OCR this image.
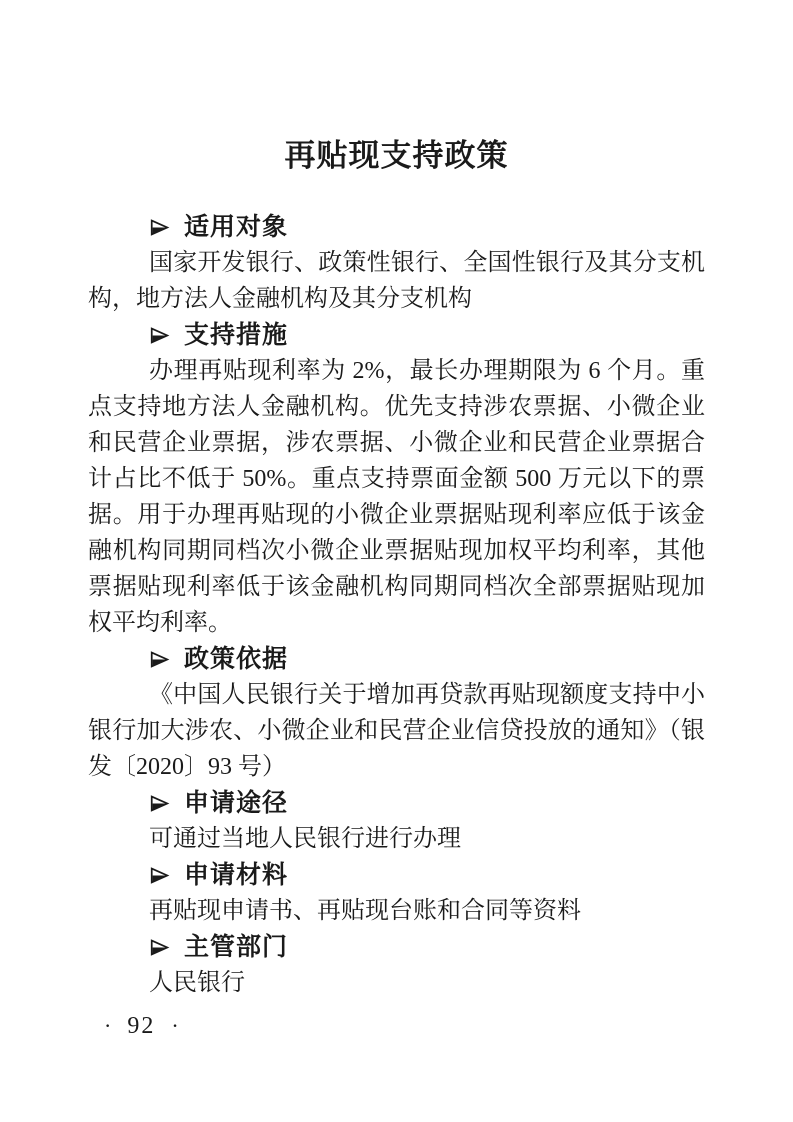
再贴现支持政策
适用对象

国家开发银行、政策性银行、全国性银行及其分支机构，地方法人金融机构及其分支机构

支持措施

办理再贴现利率为 2%，最长办理期限为 6 个月。重点支持地方法人金融机构。优先支持涉农票据、小微企业和民营企业票据，涉农票据、小微企业和民营企业票据合计占比不低于 50%。重点支持票面金额 500 万元以下的票据。用于办理再贴现的小微企业票据贴现利率应低于该金融机构同期同档次小微企业票据贴现加权平均利率，其他票据贴现利率低于该金融机构同期同档次全部票据贴现加权平均利率。

政策依据

《中国人民银行关于增加再贷款再贴现额度支持中小银行加大涉农、小微企业和民营企业信贷投放的通知》（银发〔2020〕93 号）

申请途径

可通过当地人民银行进行办理

申请材料

再贴现申请书、再贴现台账和合同等资料

主管部门

人民银行

· 92 ·
